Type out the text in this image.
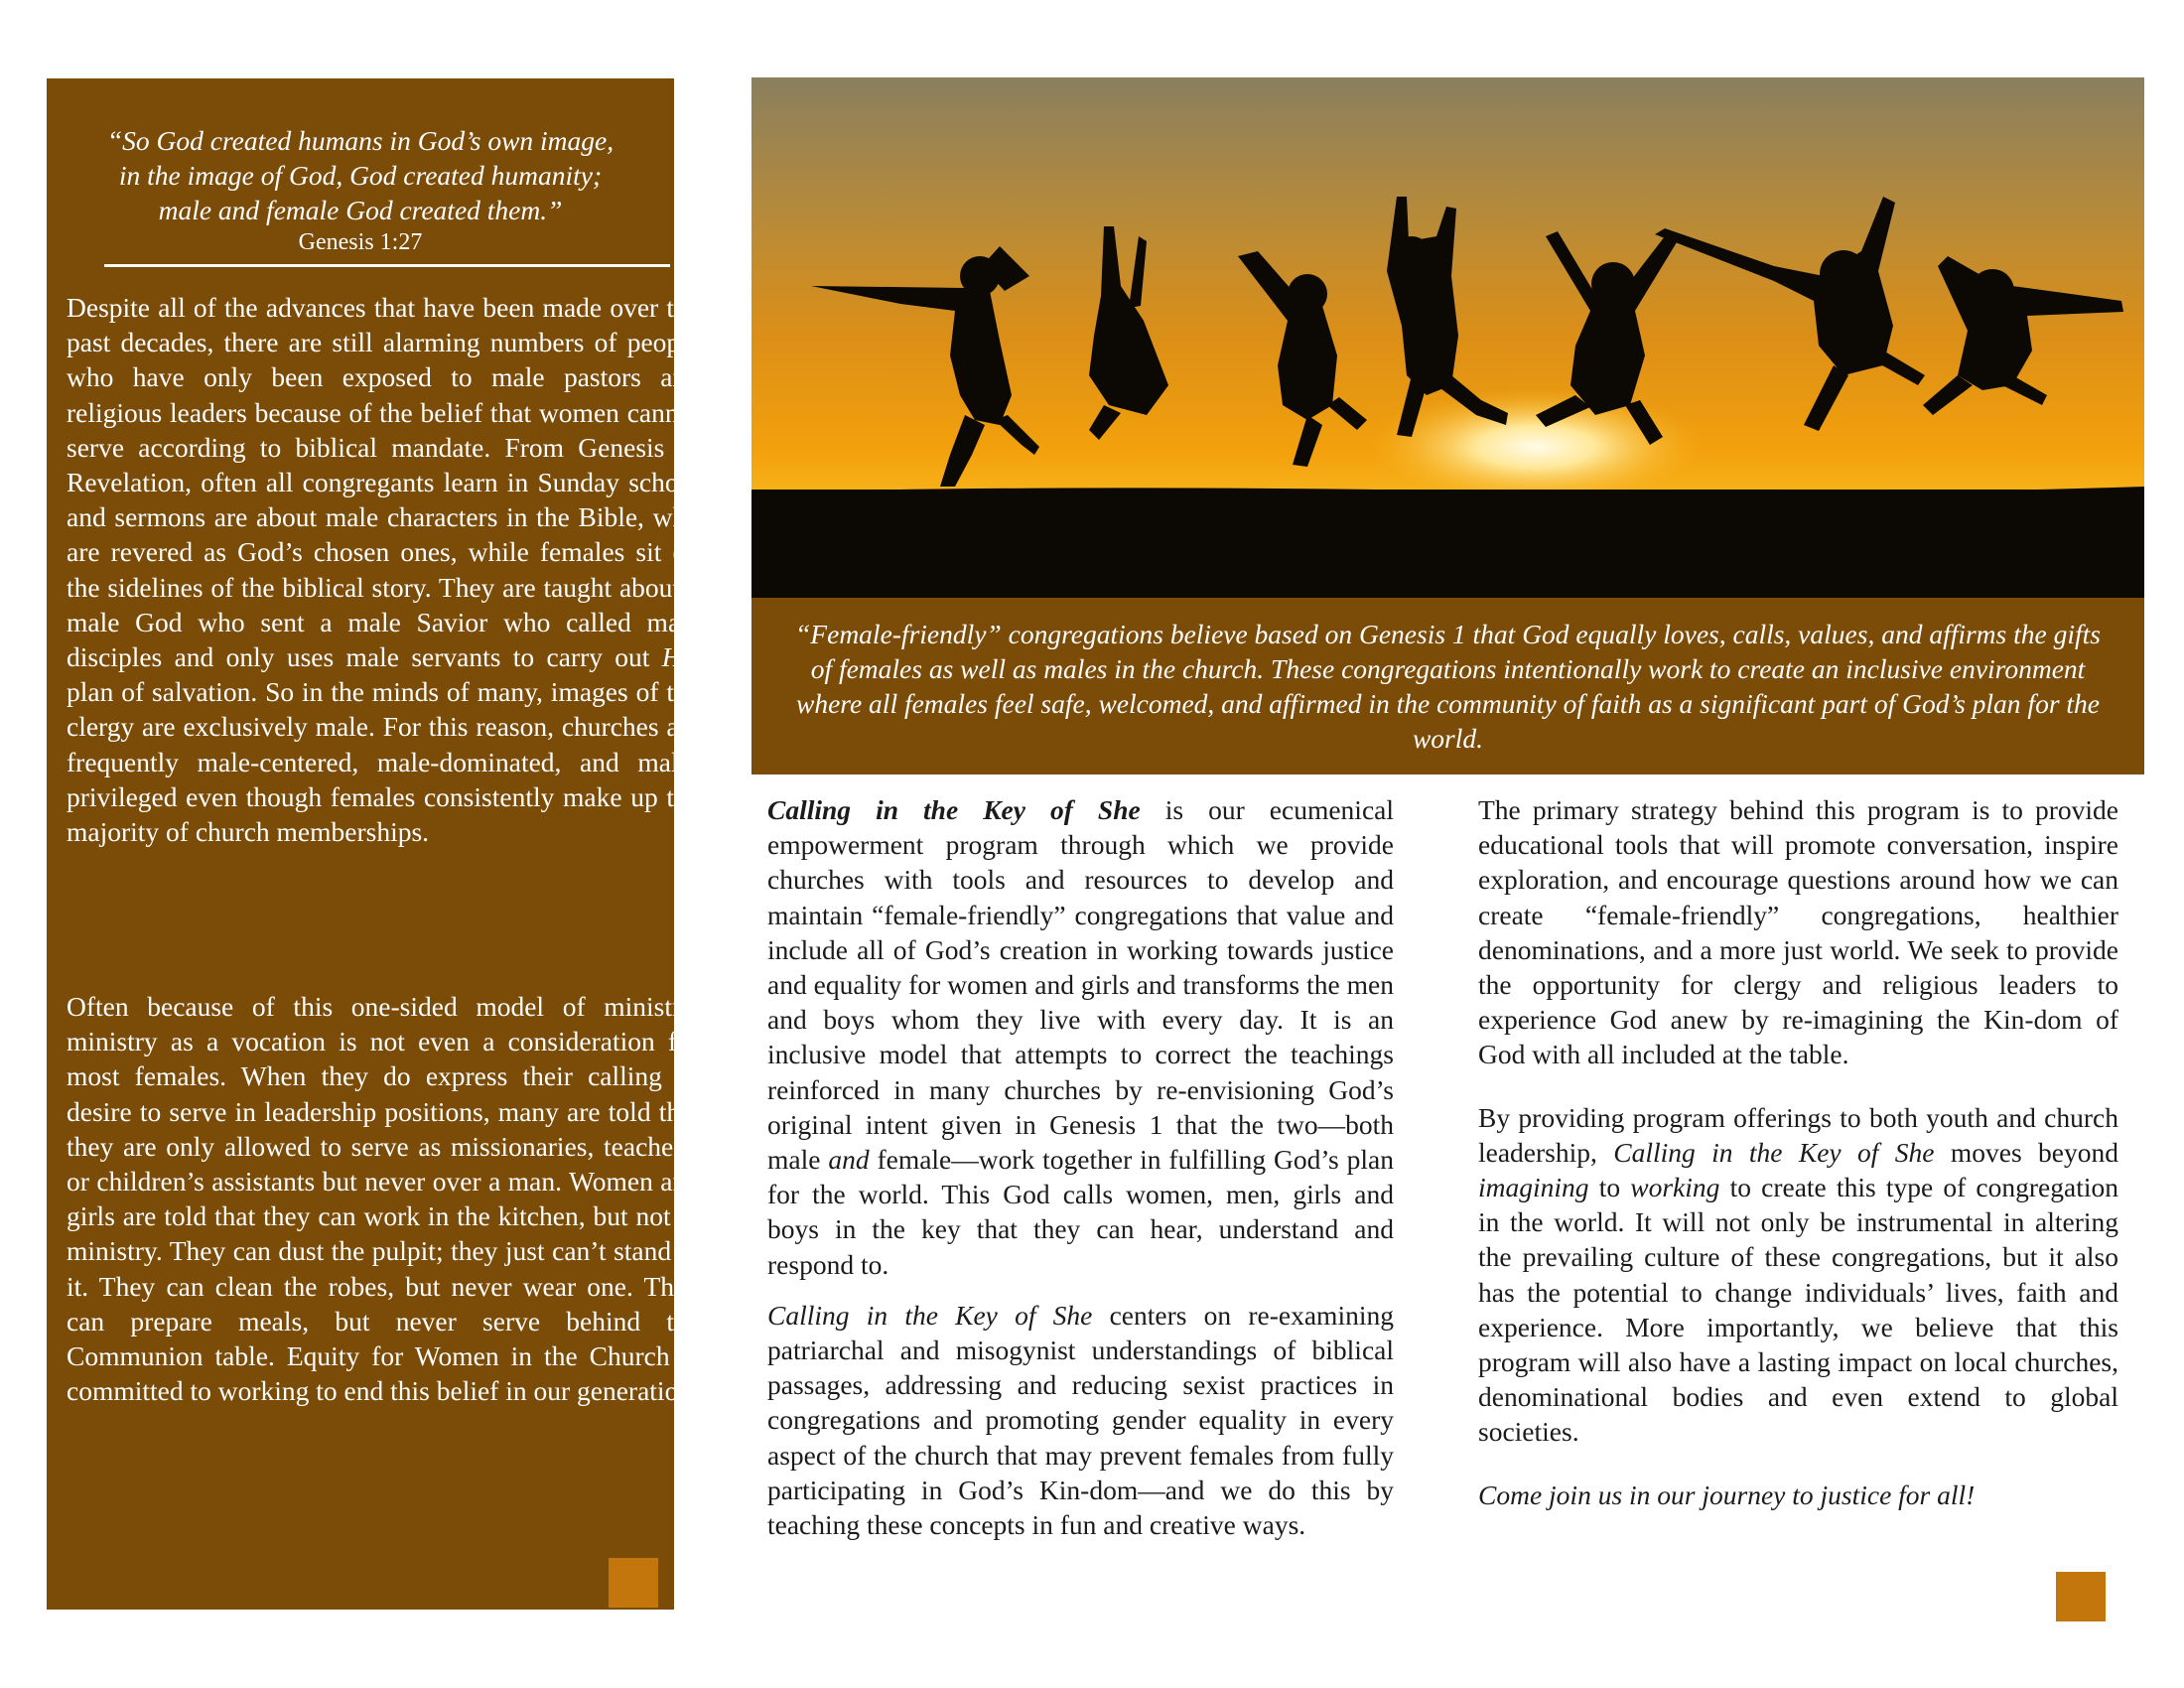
“So God created humans in God’s own image,
in the image of God, God created humanity;
male and female God created them.”
Genesis 1:27
Despite all of the advances that have been made over the past decades, there are still alarming numbers of people who have only been exposed to male pastors and religious leaders because of the belief that women cannot serve according to biblical mandate. From Genesis to Revelation, often all congregants learn in Sunday school and sermons are about male characters in the Bible, who are revered as God’s chosen ones, while females sit on the sidelines of the biblical story. They are taught about a male God who sent a male Savior who called male disciples and only uses male servants to carry out His plan of salvation. So in the minds of many, images of the clergy are exclusively male. For this reason, churches are frequently male-centered, male-dominated, and male-privileged even though females consistently make up the majority of church memberships.
Often because of this one-sided model of ministry, ministry as a vocation is not even a consideration for most females. When they do express their calling or desire to serve in leadership positions, many are told that they are only allowed to serve as missionaries, teachers, or children’s assistants but never over a man. Women and girls are told that they can work in the kitchen, but not in ministry. They can dust the pulpit; they just can’t stand in it. They can clean the robes, but never wear one. They can prepare meals, but never serve behind the Communion table. Equity for Women in the Church is committed to working to end this belief in our generation.
“Female-friendly” congregations believe based on Genesis 1 that God equally loves, calls, values, and affirms the gifts of females as well as males in the church. These congregations intentionally work to create an inclusive environment where all females feel safe, welcomed, and affirmed in the community of faith as a significant part of God’s plan for the world.

Calling in the Key of She is our ecumenical empowerment program through which we provide churches with tools and resources to develop and maintain “female-friendly” congregations that value and include all of God’s creation in working towards justice and equality for women and girls and transforms the men and boys whom they live with every day. It is an inclusive model that attempts to correct the teachings reinforced in many churches by re-envisioning God’s original intent given in Genesis 1 that the two—both male and female—work together in fulfilling God’s plan for the world. This God calls women, men, girls and boys in the key that they can hear, understand and respond to.

Calling in the Key of She centers on re-examining patriarchal and misogynist understandings of biblical passages, addressing and reducing sexist practices in congregations and promoting gender equality in every aspect of the church that may prevent females from fully participating in God’s Kin-dom—and we do this by teaching these concepts in fun and creative ways.

The primary strategy behind this program is to provide educational tools that will promote conversation, inspire exploration, and encourage questions around how we can create “female-friendly” congregations, healthier denominations, and a more just world. We seek to provide the opportunity for clergy and religious leaders to experience God anew by re-imagining the Kin-dom of God with all included at the table.

By providing program offerings to both youth and church leadership, Calling in the Key of She moves beyond imagining to working to create this type of congregation in the world. It will not only be instrumental in altering the prevailing culture of these congregations, but it also has the potential to change individuals’ lives, faith and experience. More importantly, we believe that this program will also have a lasting impact on local churches, denominational bodies and even extend to global societies.

Come join us in our journey to justice for all!
